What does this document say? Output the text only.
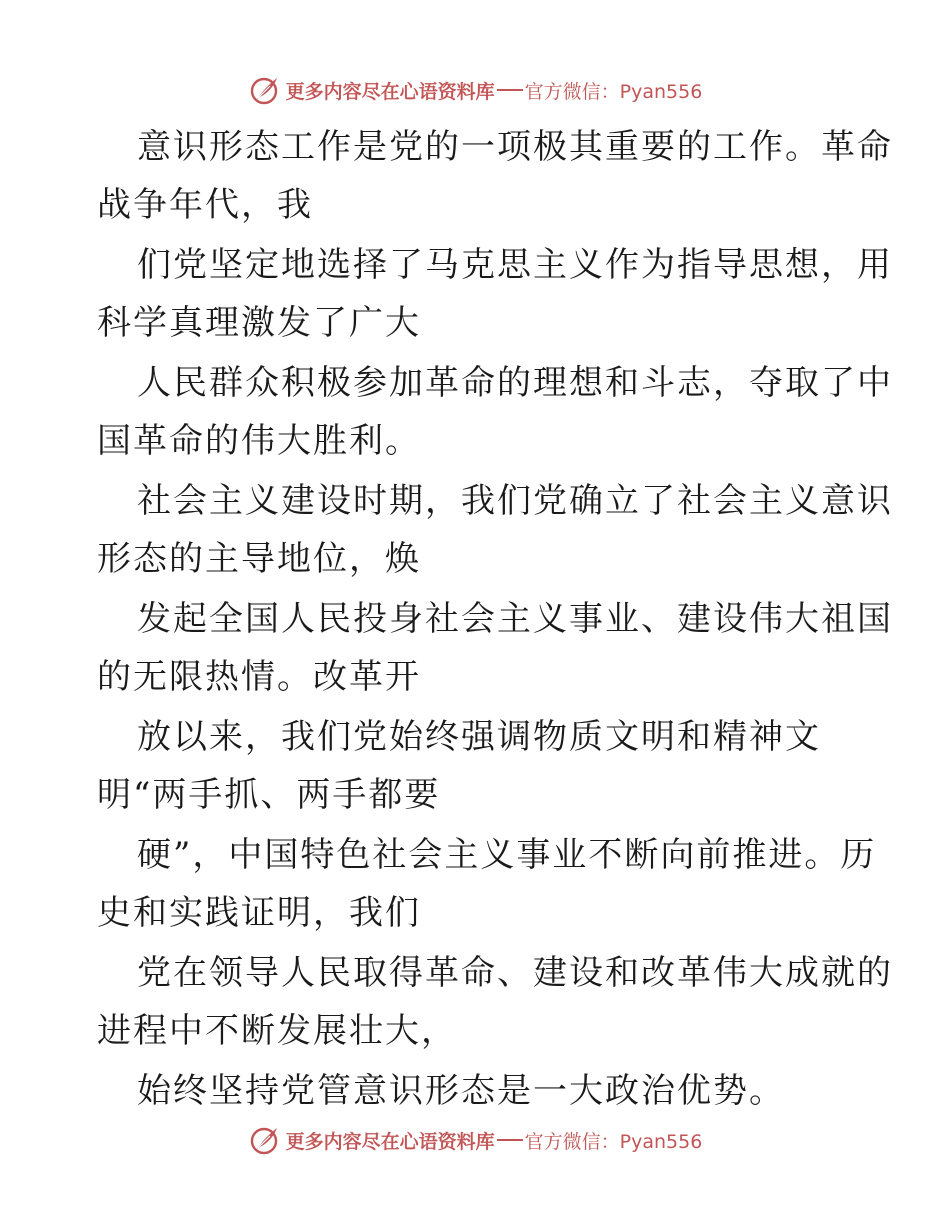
更多内容尽在心语资料库 官方微信：Pyan556
意识形态工作是党的一项极其重要的工作。革命
战争年代，我
们党坚定地选择了马克思主义作为指导思想，用
科学真理激发了广大
人民群众积极参加革命的理想和斗志，夺取了中
国革命的伟大胜利。
社会主义建设时期，我们党确立了社会主义意识
形态的主导地位，焕
发起全国人民投身社会主义事业、建设伟大祖国
的无限热情。改革开
放以来，我们党始终强调物质文明和精神文
明“两手抓、两手都要
硬”，中国特色社会主义事业不断向前推进。历
史和实践证明，我们
党在领导人民取得革命、建设和改革伟大成就的
进程中不断发展壮大，
始终坚持党管意识形态是一大政治优势。
更多内容尽在心语资料库 官方微信：Pyan556
